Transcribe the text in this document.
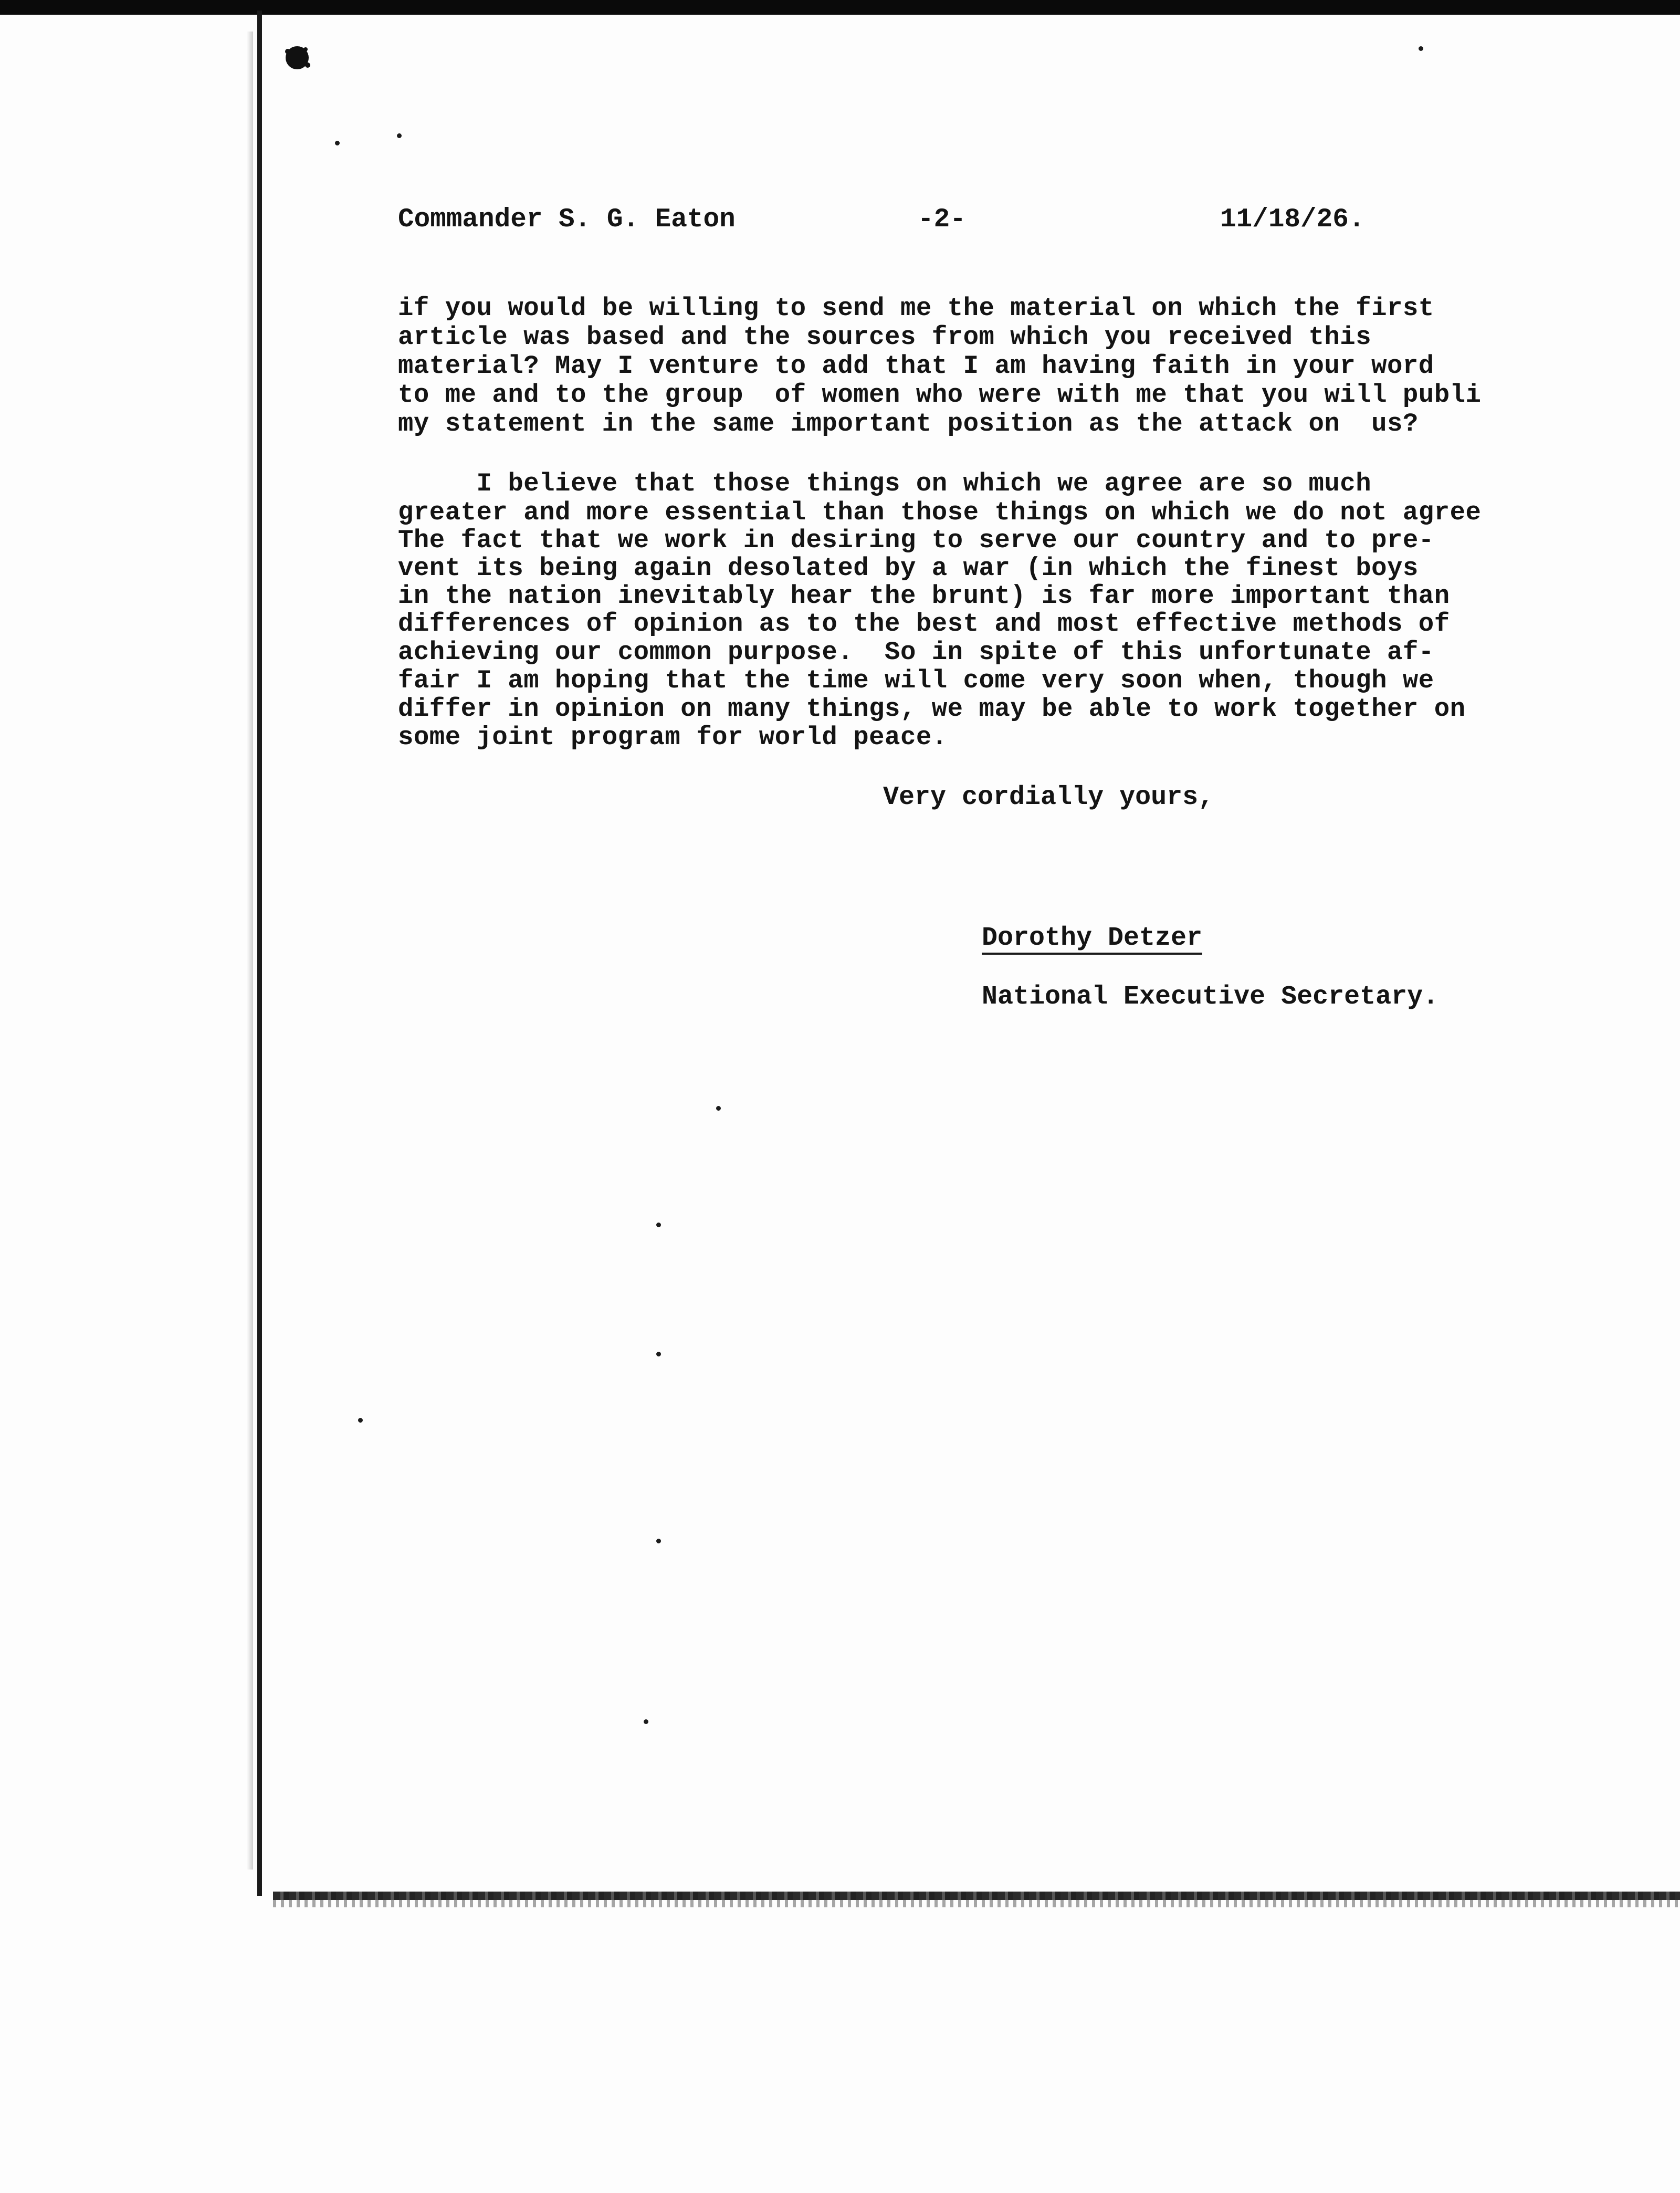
Commander S. G. Eaton	-2-	11/18/26.
if you would be willing to send me the material on which the first
article was based and the sources from which you received this
material? May I venture to add that I am having faith in your word
to me and to the group  of women who were with me that you will publi
my statement in the same important position as the attack on  us?
I believe that those things on which we agree are so much
greater and more essential than those things on which we do not agree
The fact that we work in desiring to serve our country and to pre-
vent its being again desolated by a war (in which the finest boys
in the nation inevitably hear the brunt) is far more important than
differences of opinion as to the best and most effective methods of
achieving our common purpose.  So in spite of this unfortunate af-
fair I am hoping that the time will come very soon when, though we
differ in opinion on many things, we may be able to work together on
some joint program for world peace.
Very cordially yours,
Dorothy Detzer
National Executive Secretary.
